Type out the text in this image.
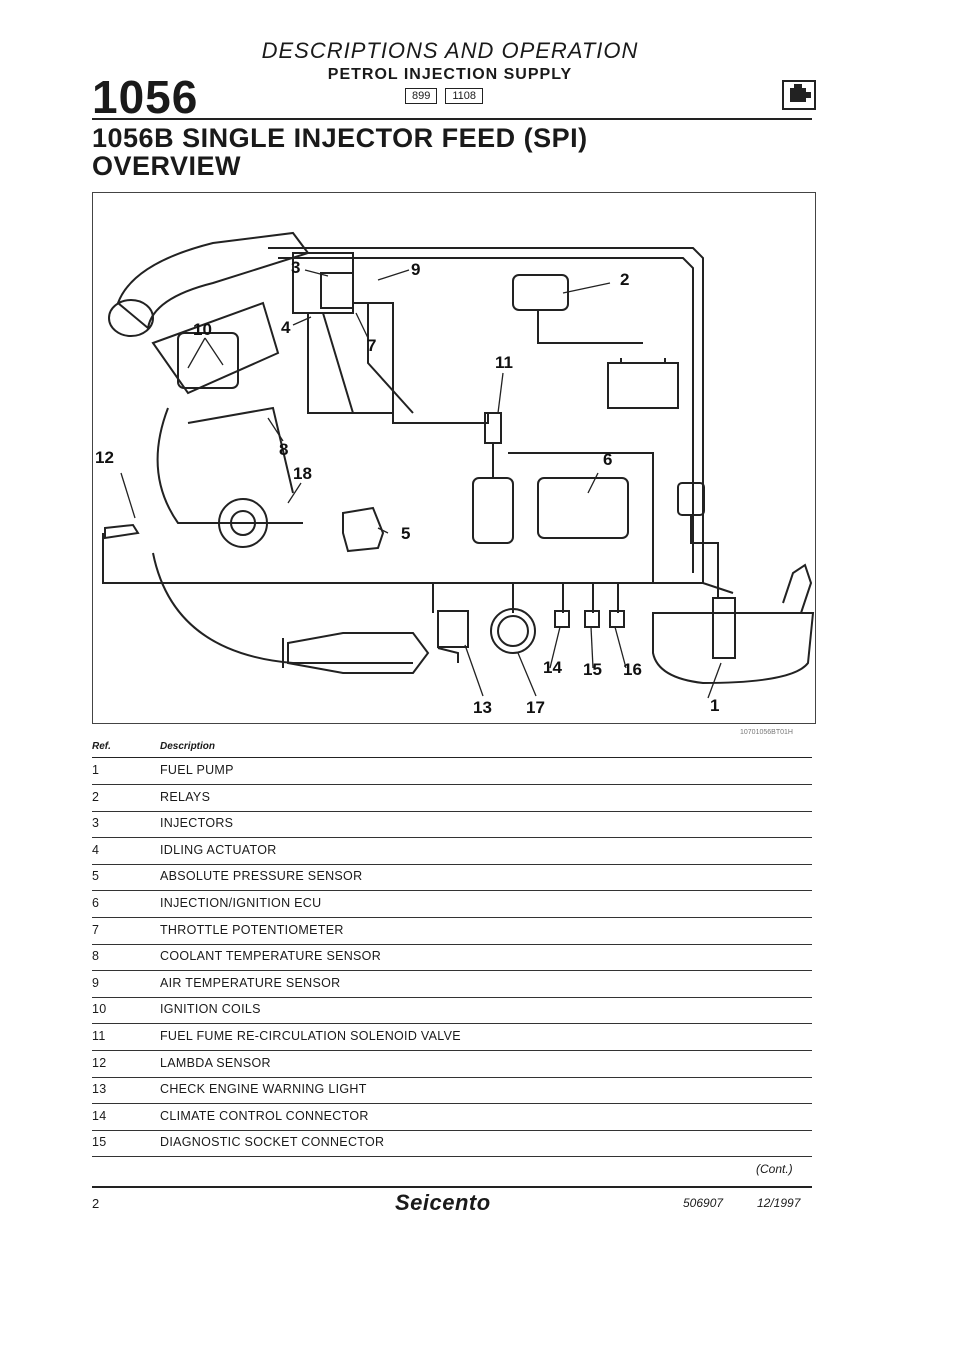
1056
DESCRIPTIONS AND OPERATION
PETROL INJECTION SUPPLY
899	1108
1056B SINGLE INJECTOR FEED (SPI)
OVERVIEW
1
2
3
4
5
6
7
8
9
10
11
12
13
14 15 16
17
18
10701056BT01H
Ref.	Description
1	FUEL PUMP
2	RELAYS
3	INJECTORS
4	IDLING ACTUATOR
5	ABSOLUTE PRESSURE SENSOR
6	INJECTION/IGNITION ECU
7	THROTTLE POTENTIOMETER
8	COOLANT TEMPERATURE SENSOR
9	AIR TEMPERATURE SENSOR
10	IGNITION COILS
11	FUEL FUME RE-CIRCULATION SOLENOID VALVE
12	LAMBDA SENSOR
13	CHECK ENGINE WARNING LIGHT
14	CLIMATE CONTROL CONNECTOR
15	DIAGNOSTIC SOCKET CONNECTOR
(Cont.)
2	Seicento	506907	12/1997
